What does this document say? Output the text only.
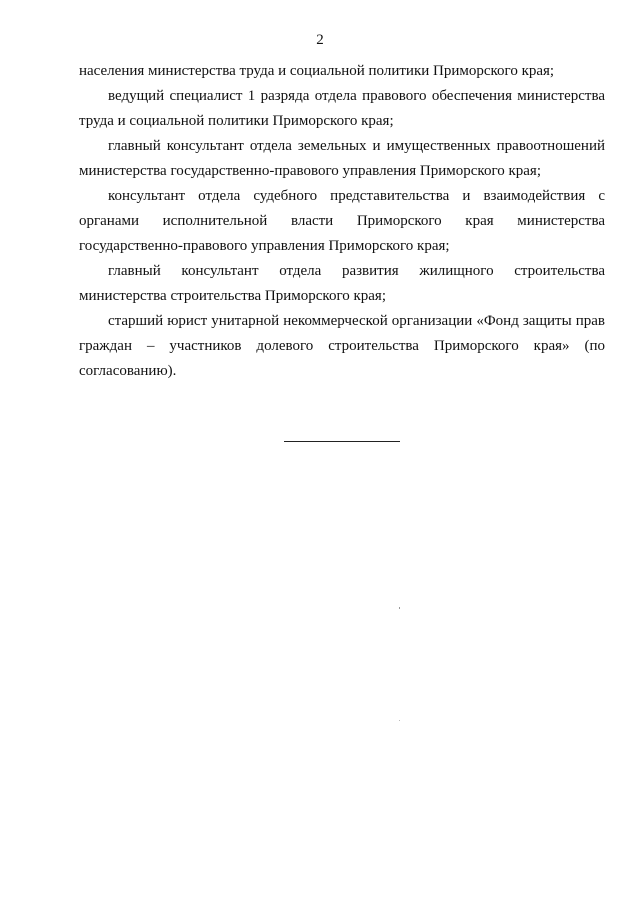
2

населения министерства труда и социальной политики Приморского края;

ведущий специалист 1 разряда отдела правового обеспечения министерства труда и социальной политики Приморского края;

главный консультант отдела земельных и имущественных правоотношений министерства государственно-правового управления Приморского края;

консультант отдела судебного представительства и взаимодействия с органами исполнительной власти Приморского края министерства государственно-правового управления Приморского края;

главный консультант отдела развития жилищного строительства министерства строительства Приморского края;

старший юрист унитарной некоммерческой организации «Фонд защиты прав граждан – участников долевого строительства Приморского края» (по согласованию).
